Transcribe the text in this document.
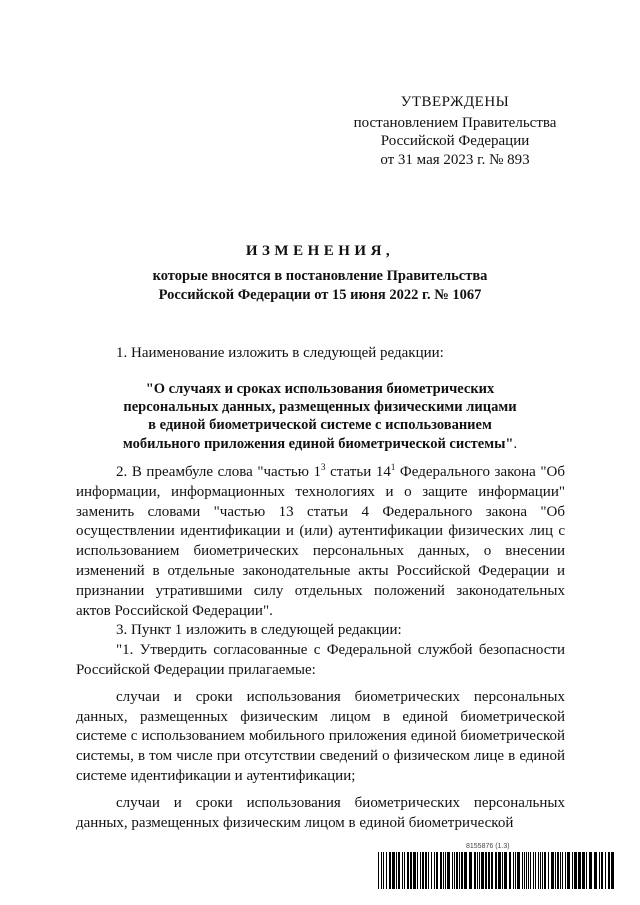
УТВЕРЖДЕНЫ
постановлением Правительства
Российской Федерации
от 31 мая 2023 г. № 893
ИЗМЕНЕНИЯ,
которые вносятся в постановление Правительства
Российской Федерации от 15 июня 2022 г. № 1067

1. Наименование изложить в следующей редакции:

"О случаях и сроках использования биометрических
персональных данных, размещенных физическими лицами
в единой биометрической системе с использованием
мобильного приложения единой биометрической системы".

2. В преамбуле слова "частью $1^3$ статьи $14^1$ Федерального закона "Об информации, информационных технологиях и о защите информации" заменить словами "частью 13 статьи 4 Федерального закона "Об осуществлении идентификации и (или) аутентификации физических лиц с использованием биометрических персональных данных, о внесении изменений в отдельные законодательные акты Российской Федерации и признании утратившими силу отдельных положений законодательных актов Российской Федерации".

3. Пункт 1 изложить в следующей редакции:

"1. Утвердить согласованные с Федеральной службой безопасности Российской Федерации прилагаемые:

случаи и сроки использования биометрических персональных данных, размещенных физическим лицом в единой биометрической системе с использованием мобильного приложения единой биометрической системы, в том числе при отсутствии сведений о физическом лице в единой системе идентификации и аутентификации;

случаи и сроки использования биометрических персональных данных, размещенных физическим лицом в единой биометрической

8155876 (1.3)
